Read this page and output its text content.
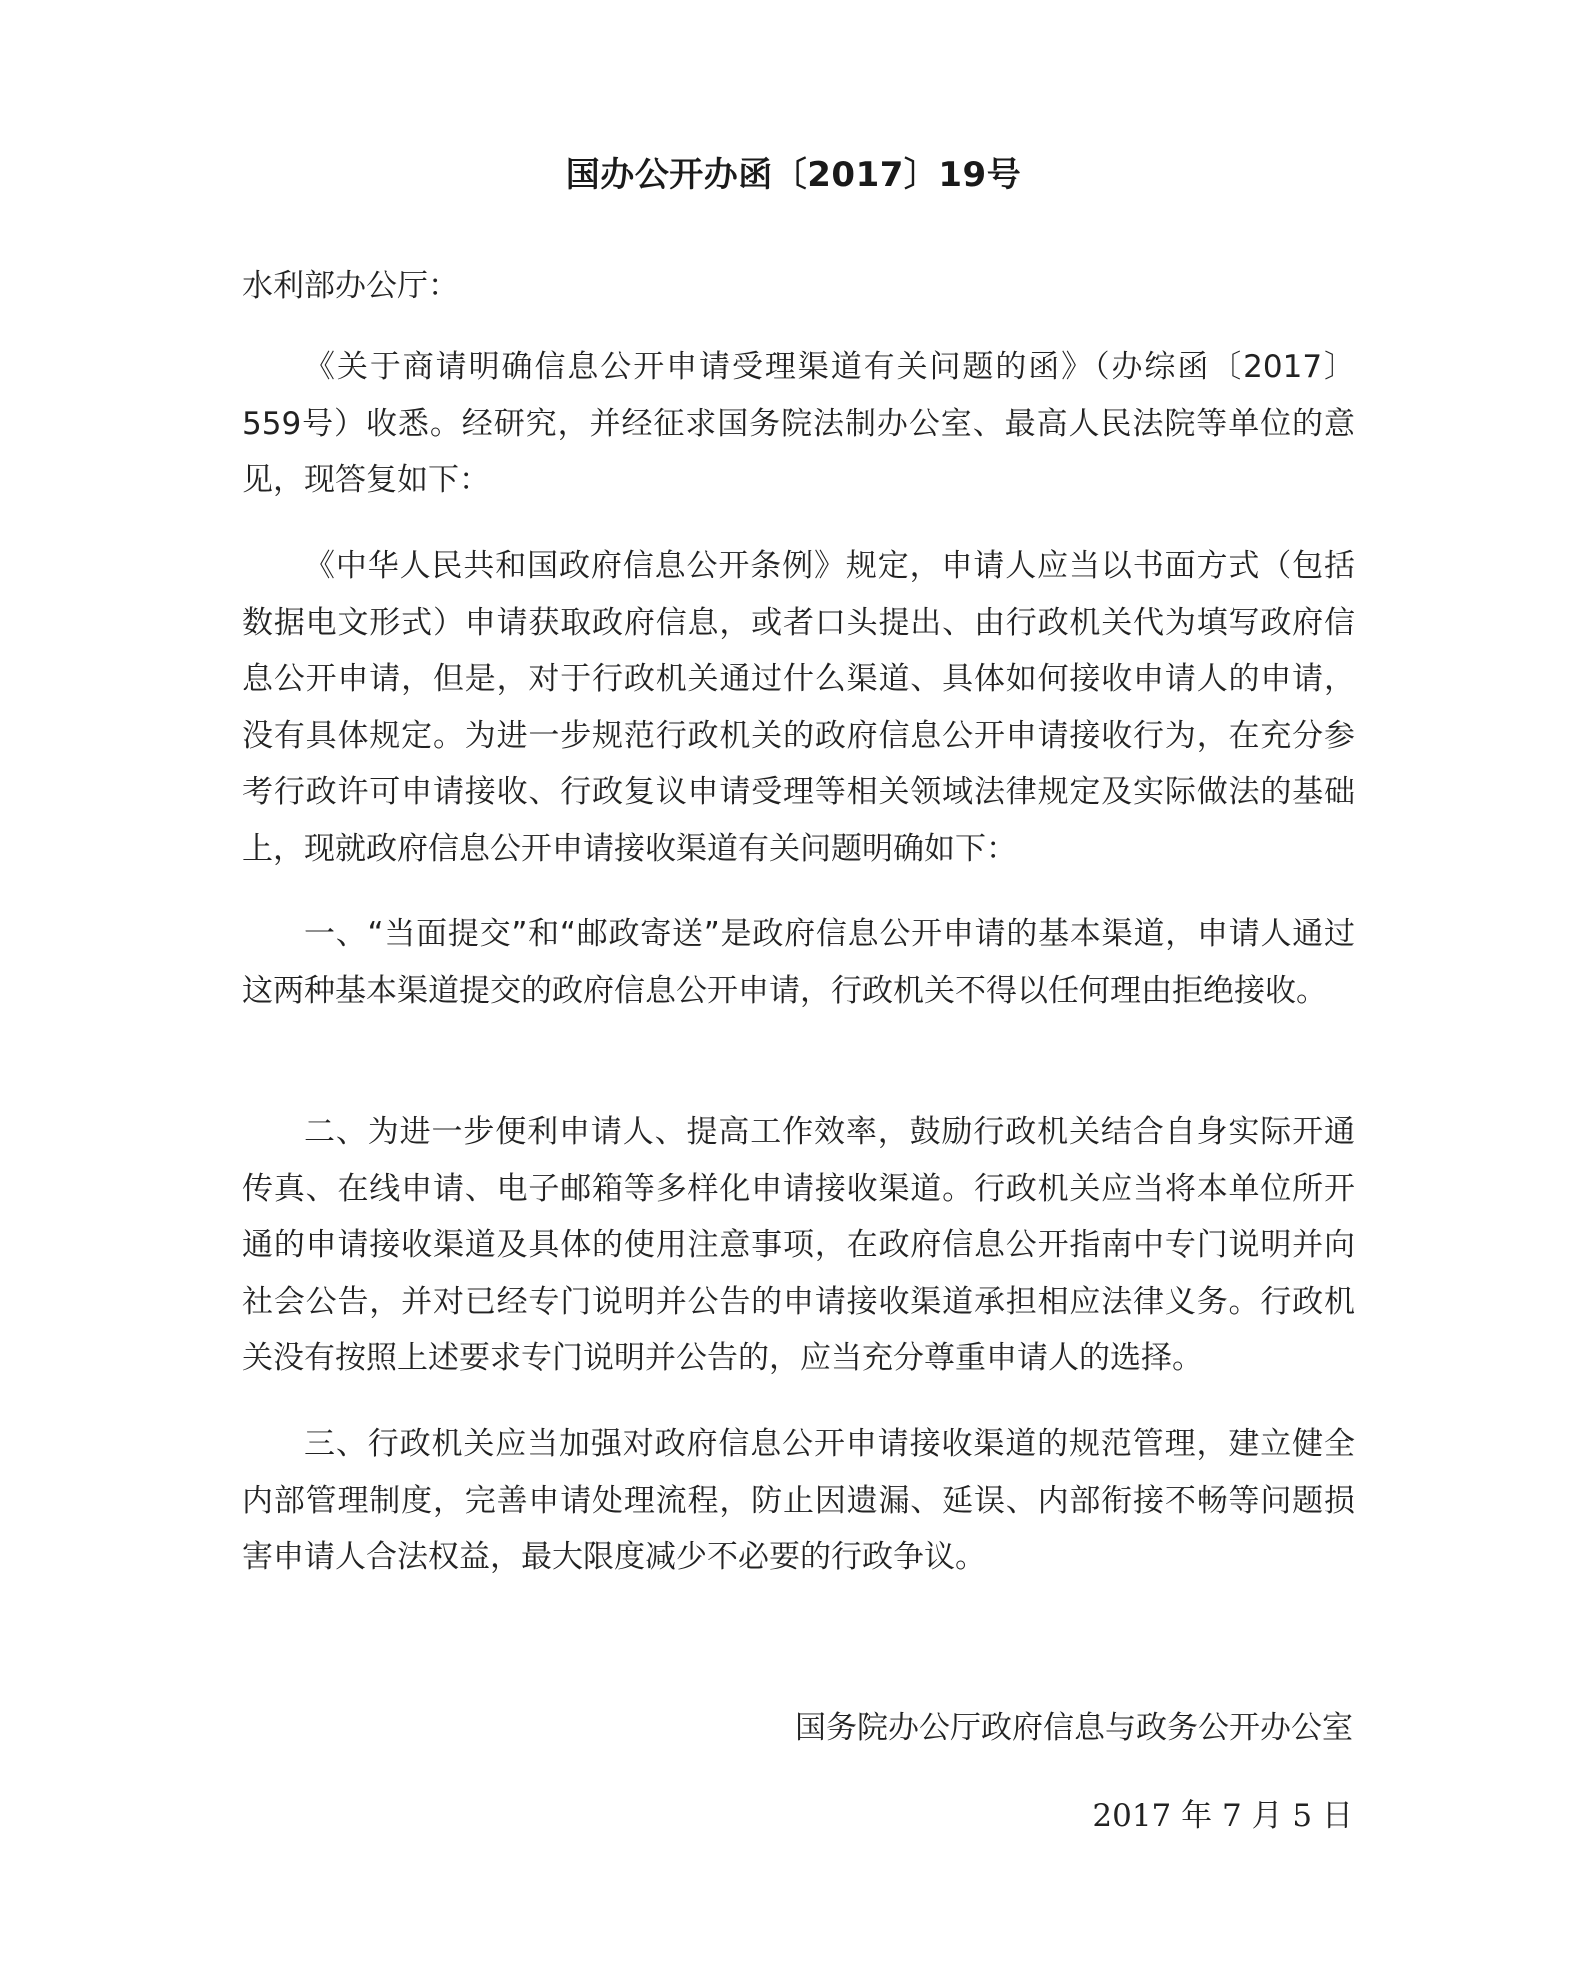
国办公开办函〔2017〕19号
水利部办公厅：

《关于商请明确信息公开申请受理渠道有关问题的函》（办综函〔2017〕559号）收悉。经研究，并经征求国务院法制办公室、最高人民法院等单位的意见，现答复如下：

《中华人民共和国政府信息公开条例》规定，申请人应当以书面方式（包括数据电文形式）申请获取政府信息，或者口头提出、由行政机关代为填写政府信息公开申请，但是，对于行政机关通过什么渠道、具体如何接收申请人的申请，没有具体规定。为进一步规范行政机关的政府信息公开申请接收行为，在充分参考行政许可申请接收、行政复议申请受理等相关领域法律规定及实际做法的基础上，现就政府信息公开申请接收渠道有关问题明确如下：

一、“当面提交”和“邮政寄送”是政府信息公开申请的基本渠道，申请人通过这两种基本渠道提交的政府信息公开申请，行政机关不得以任何理由拒绝接收。

二、为进一步便利申请人、提高工作效率，鼓励行政机关结合自身实际开通传真、在线申请、电子邮箱等多样化申请接收渠道。行政机关应当将本单位所开通的申请接收渠道及具体的使用注意事项，在政府信息公开指南中专门说明并向社会公告，并对已经专门说明并公告的申请接收渠道承担相应法律义务。行政机关没有按照上述要求专门说明并公告的，应当充分尊重申请人的选择。

三、行政机关应当加强对政府信息公开申请接收渠道的规范管理，建立健全内部管理制度，完善申请处理流程，防止因遗漏、延误、内部衔接不畅等问题损害申请人合法权益，最大限度减少不必要的行政争议。

国务院办公厅政府信息与政务公开办公室
2017 年 7 月 5 日
